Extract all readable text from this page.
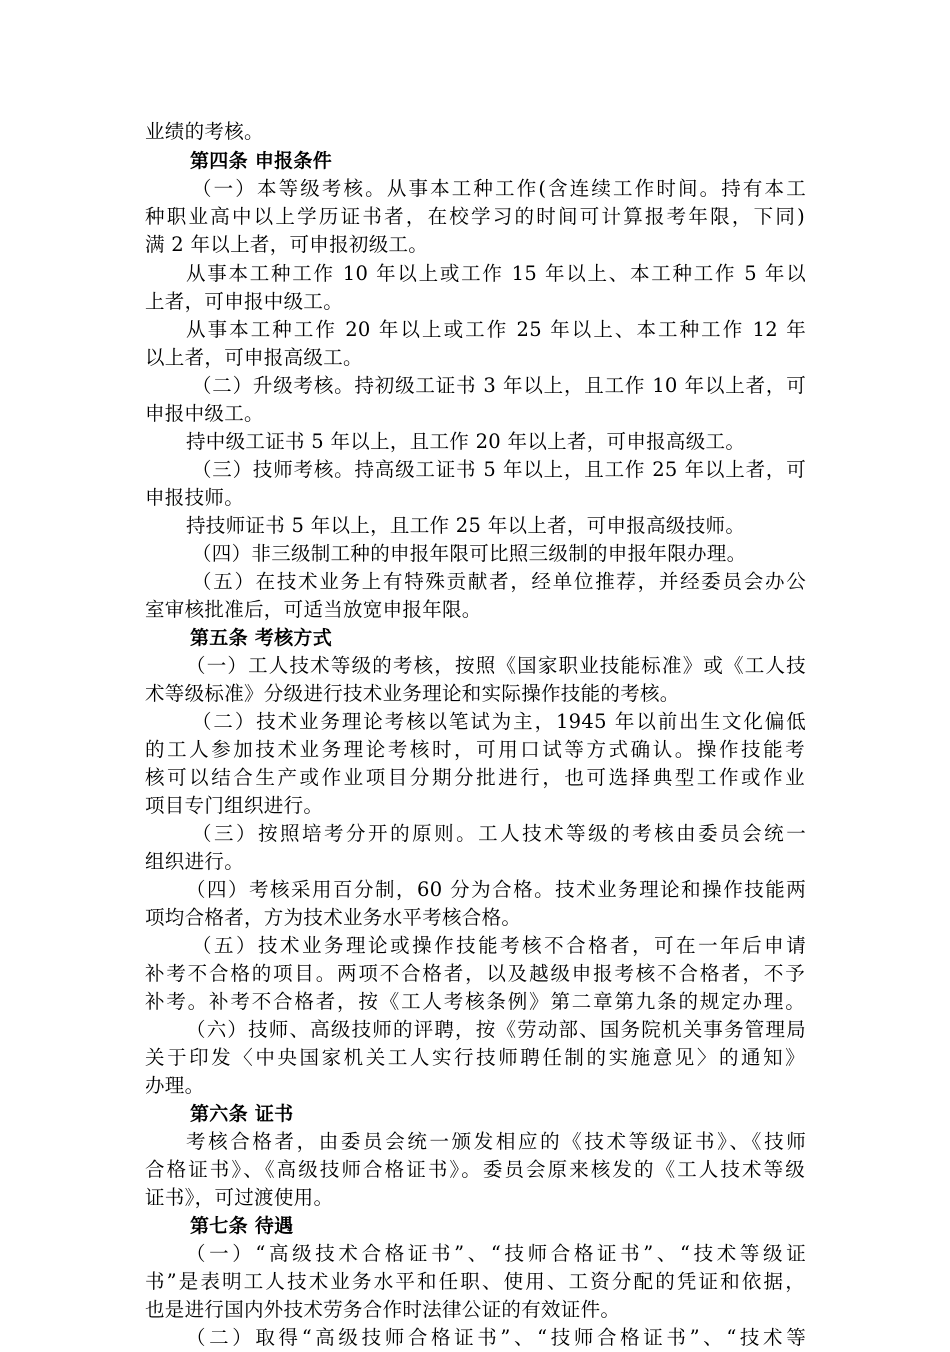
业绩的考核。
第四条 申报条件
（一）本等级考核。从事本工种工作(含连续工作时间。持有本工
种职业高中以上学历证书者，在校学习的时间可计算报考年限，下同)
满 2 年以上者，可申报初级工。
从事本工种工作 10 年以上或工作 15 年以上、本工种工作 5 年以
上者，可申报中级工。
从事本工种工作 20 年以上或工作 25 年以上、本工种工作 12 年
以上者，可申报高级工。
（二）升级考核。持初级工证书 3 年以上，且工作 10 年以上者，可
申报中级工。
持中级工证书 5 年以上，且工作 20 年以上者，可申报高级工。
（三）技师考核。持高级工证书 5 年以上，且工作 25 年以上者，可
申报技师。
持技师证书 5 年以上，且工作 25 年以上者，可申报高级技师。
（四）非三级制工种的申报年限可比照三级制的申报年限办理。
（五）在技术业务上有特殊贡献者，经单位推荐，并经委员会办公
室审核批准后，可适当放宽申报年限。
第五条 考核方式
（一）工人技术等级的考核，按照《国家职业技能标准》或《工人技
术等级标准》分级进行技术业务理论和实际操作技能的考核。
（二）技术业务理论考核以笔试为主，1945 年以前出生文化偏低
的工人参加技术业务理论考核时，可用口试等方式确认。操作技能考
核可以结合生产或作业项目分期分批进行，也可选择典型工作或作业
项目专门组织进行。
（三）按照培考分开的原则。工人技术等级的考核由委员会统一
组织进行。
（四）考核采用百分制，60 分为合格。技术业务理论和操作技能两
项均合格者，方为技术业务水平考核合格。
（五）技术业务理论或操作技能考核不合格者，可在一年后申请
补考不合格的项目。两项不合格者，以及越级申报考核不合格者，不予
补考。补考不合格者，按《工人考核条例》第二章第九条的规定办理。
（六）技师、高级技师的评聘，按《劳动部、国务院机关事务管理局
关于印发〈中央国家机关工人实行技师聘任制的实施意见〉的通知》
办理。
第六条 证书
考核合格者，由委员会统一颁发相应的《技术等级证书》、《技师
合格证书》、《高级技师合格证书》。委员会原来核发的《工人技术等级
证书》，可过渡使用。
第七条 待遇
（一）“高级技术合格证书”、“技师合格证书”、“技术等级证
书”是表明工人技术业务水平和任职、使用、工资分配的凭证和依据，
也是进行国内外技术劳务合作时法律公证的有效证件。
（二）取得“高级技师合格证书”、“技师合格证书”、“技术等
